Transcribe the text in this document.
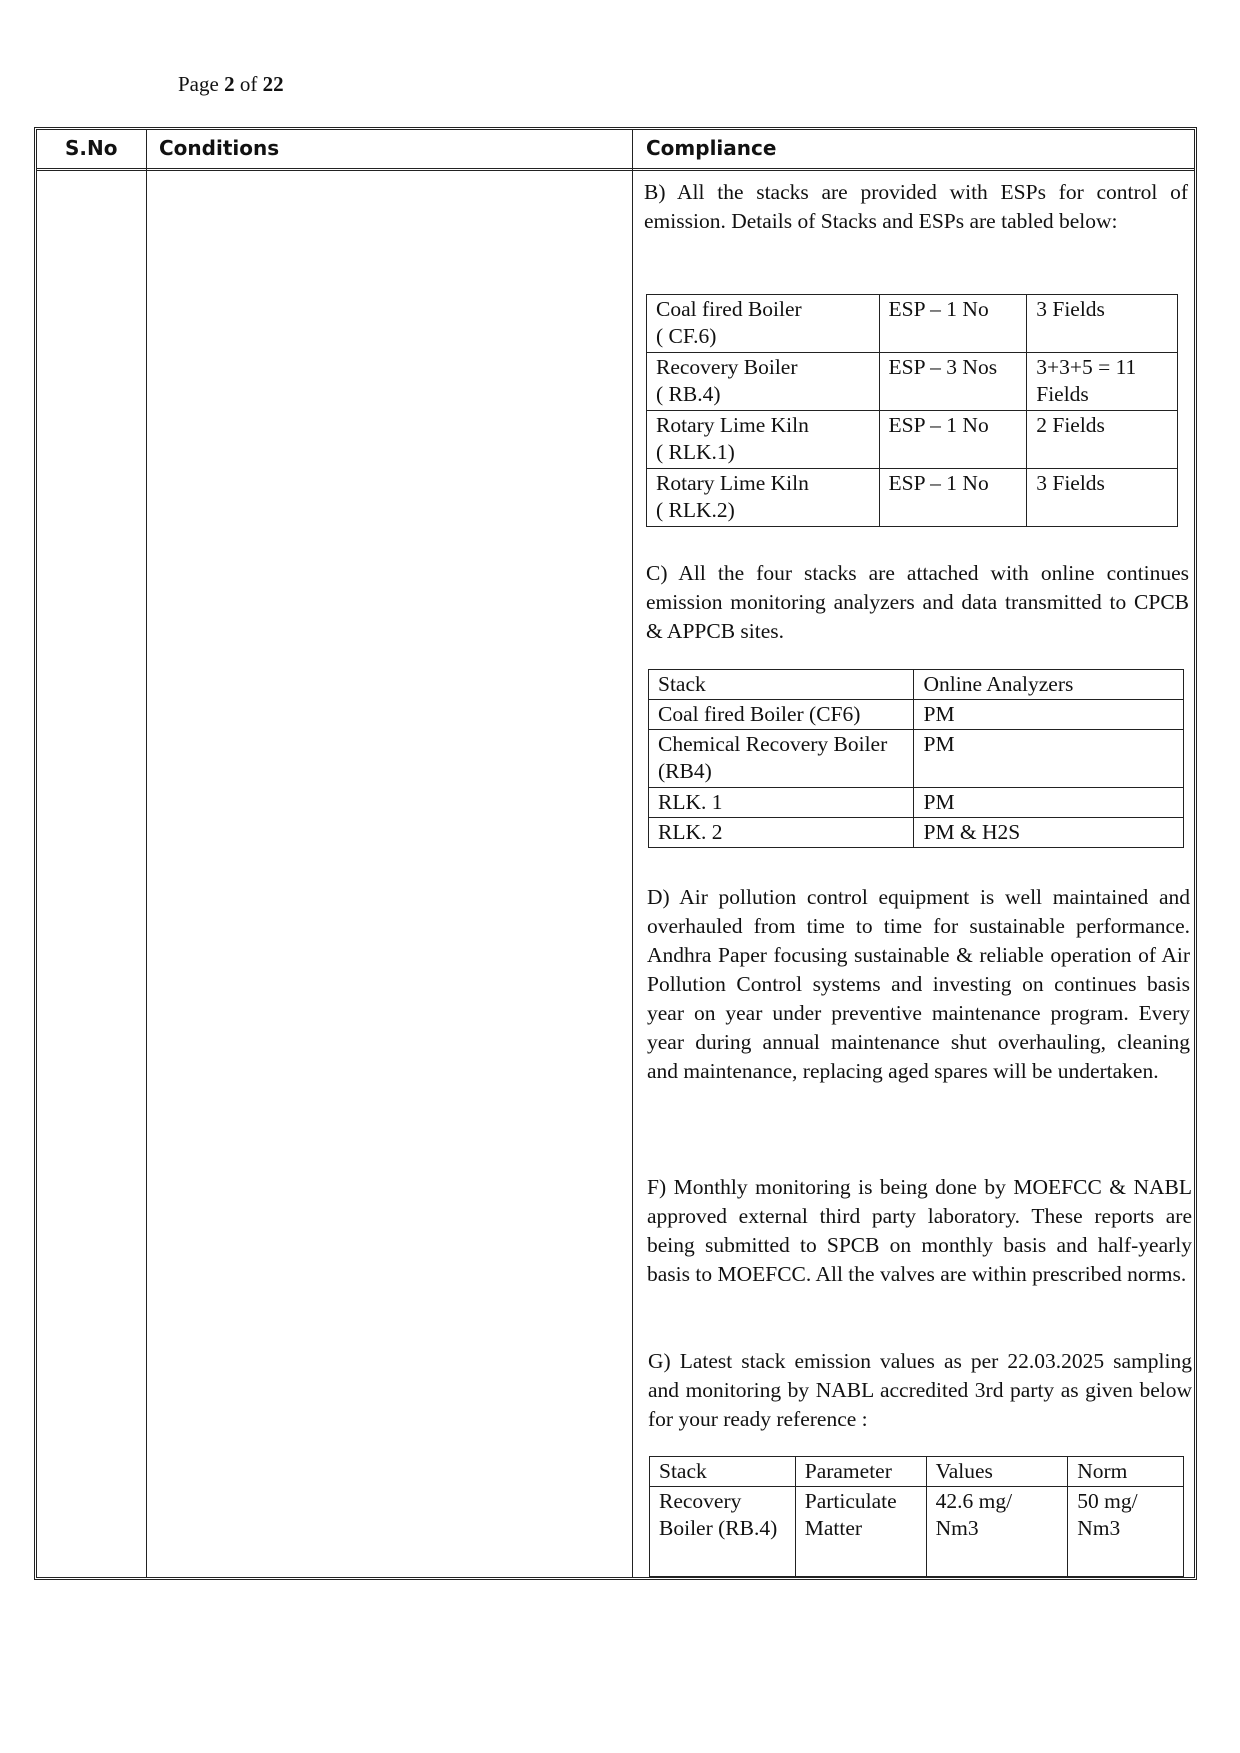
Page 2 of 22
S.No Conditions	Compliance

B) All the stacks are provided with ESPs for control of emission. Details of Stacks and ESPs are tabled below:

Coal fired Boiler
( CF.6)	ESP – 1 No	3 Fields
Recovery Boiler
( RB.4)	ESP – 3 Nos	3+3+5 = 11 Fields
Rotary Lime Kiln
( RLK.1)	ESP – 1 No	2 Fields
Rotary Lime Kiln
( RLK.2)	ESP – 1 No	3 Fields

C) All the four stacks are attached with online continues emission monitoring analyzers and data transmitted to CPCB & APPCB sites.

Stack	Online Analyzers
Coal fired Boiler (CF6)	PM
Chemical Recovery Boiler (RB4)	PM
RLK. 1	PM
RLK. 2	PM & H2S

D) Air pollution control equipment is well maintained and overhauled from time to time for sustainable performance. Andhra Paper focusing sustainable & reliable operation of Air Pollution Control systems and investing on continues basis year on year under preventive maintenance program. Every year during annual maintenance shut overhauling, cleaning and maintenance, replacing aged spares will be undertaken.

F) Monthly monitoring is being done by MOEFCC & NABL approved external third party laboratory. These reports are being submitted to SPCB on monthly basis and half-yearly basis to MOEFCC. All the valves are within prescribed norms.

G) Latest stack emission values as per 22.03.2025 sampling and monitoring by NABL accredited 3rd party as given below for your ready reference :

Stack	Parameter	Values	Norm
Recovery Boiler (RB.4)	Particulate Matter	42.6 mg/ Nm3	50 mg/ Nm3
